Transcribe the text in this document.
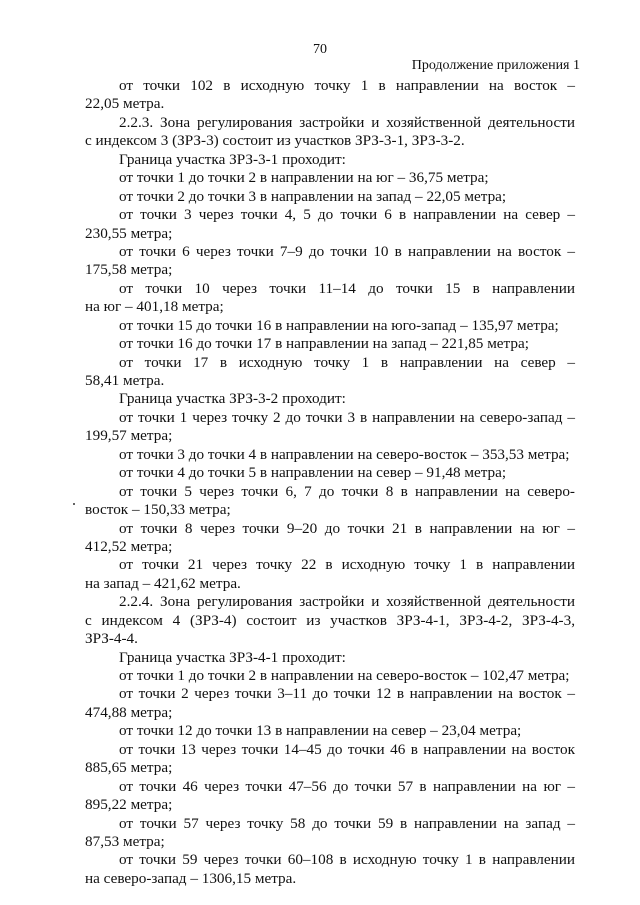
70
Продолжение приложения 1
от точки 102 в исходную точку 1 в направлении на восток –
22,05 метра.
2.2.3. Зона регулирования застройки и хозяйственной деятельности
с индексом 3 (ЗРЗ-3) состоит из участков ЗРЗ-3-1, ЗРЗ-3-2.
Граница участка ЗРЗ-3-1 проходит:
от точки 1 до точки 2 в направлении на юг – 36,75 метра;
от точки 2 до точки 3 в направлении на запад – 22,05 метра;
от точки 3 через точки 4, 5 до точки 6 в направлении на север –
230,55 метра;
от точки 6 через точки 7–9 до точки 10 в направлении на восток –
175,58 метра;
от точки 10 через точки 11–14 до точки 15 в направлении
на юг – 401,18 метра;
от точки 15 до точки 16 в направлении на юго-запад – 135,97 метра;
от точки 16 до точки 17 в направлении на запад – 221,85 метра;
от точки 17 в исходную точку 1 в направлении на север –
58,41 метра.
Граница участка ЗРЗ-3-2 проходит:
от точки 1 через точку 2 до точки 3 в направлении на северо-запад –
199,57 метра;
от точки 3 до точки 4 в направлении на северо-восток – 353,53 метра;
от точки 4 до точки 5 в направлении на север – 91,48 метра;
от точки 5 через точки 6, 7 до точки 8 в направлении на северо-
восток – 150,33 метра;
от точки 8 через точки 9–20 до точки 21 в направлении на юг –
412,52 метра;
от точки 21 через точку 22 в исходную точку 1 в направлении
на запад – 421,62 метра.
2.2.4. Зона регулирования застройки и хозяйственной деятельности
с индексом 4 (ЗРЗ-4) состоит из участков ЗРЗ-4-1, ЗРЗ-4-2, ЗРЗ-4-3,
ЗРЗ-4-4.
Граница участка ЗРЗ-4-1 проходит:
от точки 1 до точки 2 в направлении на северо-восток – 102,47 метра;
от точки 2 через точки 3–11 до точки 12 в направлении на восток –
474,88 метра;
от точки 12 до точки 13 в направлении на север – 23,04 метра;
от точки 13 через точки 14–45 до точки 46 в направлении на восток
885,65 метра;
от точки 46 через точки 47–56 до точки 57 в направлении на юг –
895,22 метра;
от точки 57 через точку 58 до точки 59 в направлении на запад –
87,53 метра;
от точки 59 через точки 60–108 в исходную точку 1 в направлении
на северо-запад – 1306,15 метра.
